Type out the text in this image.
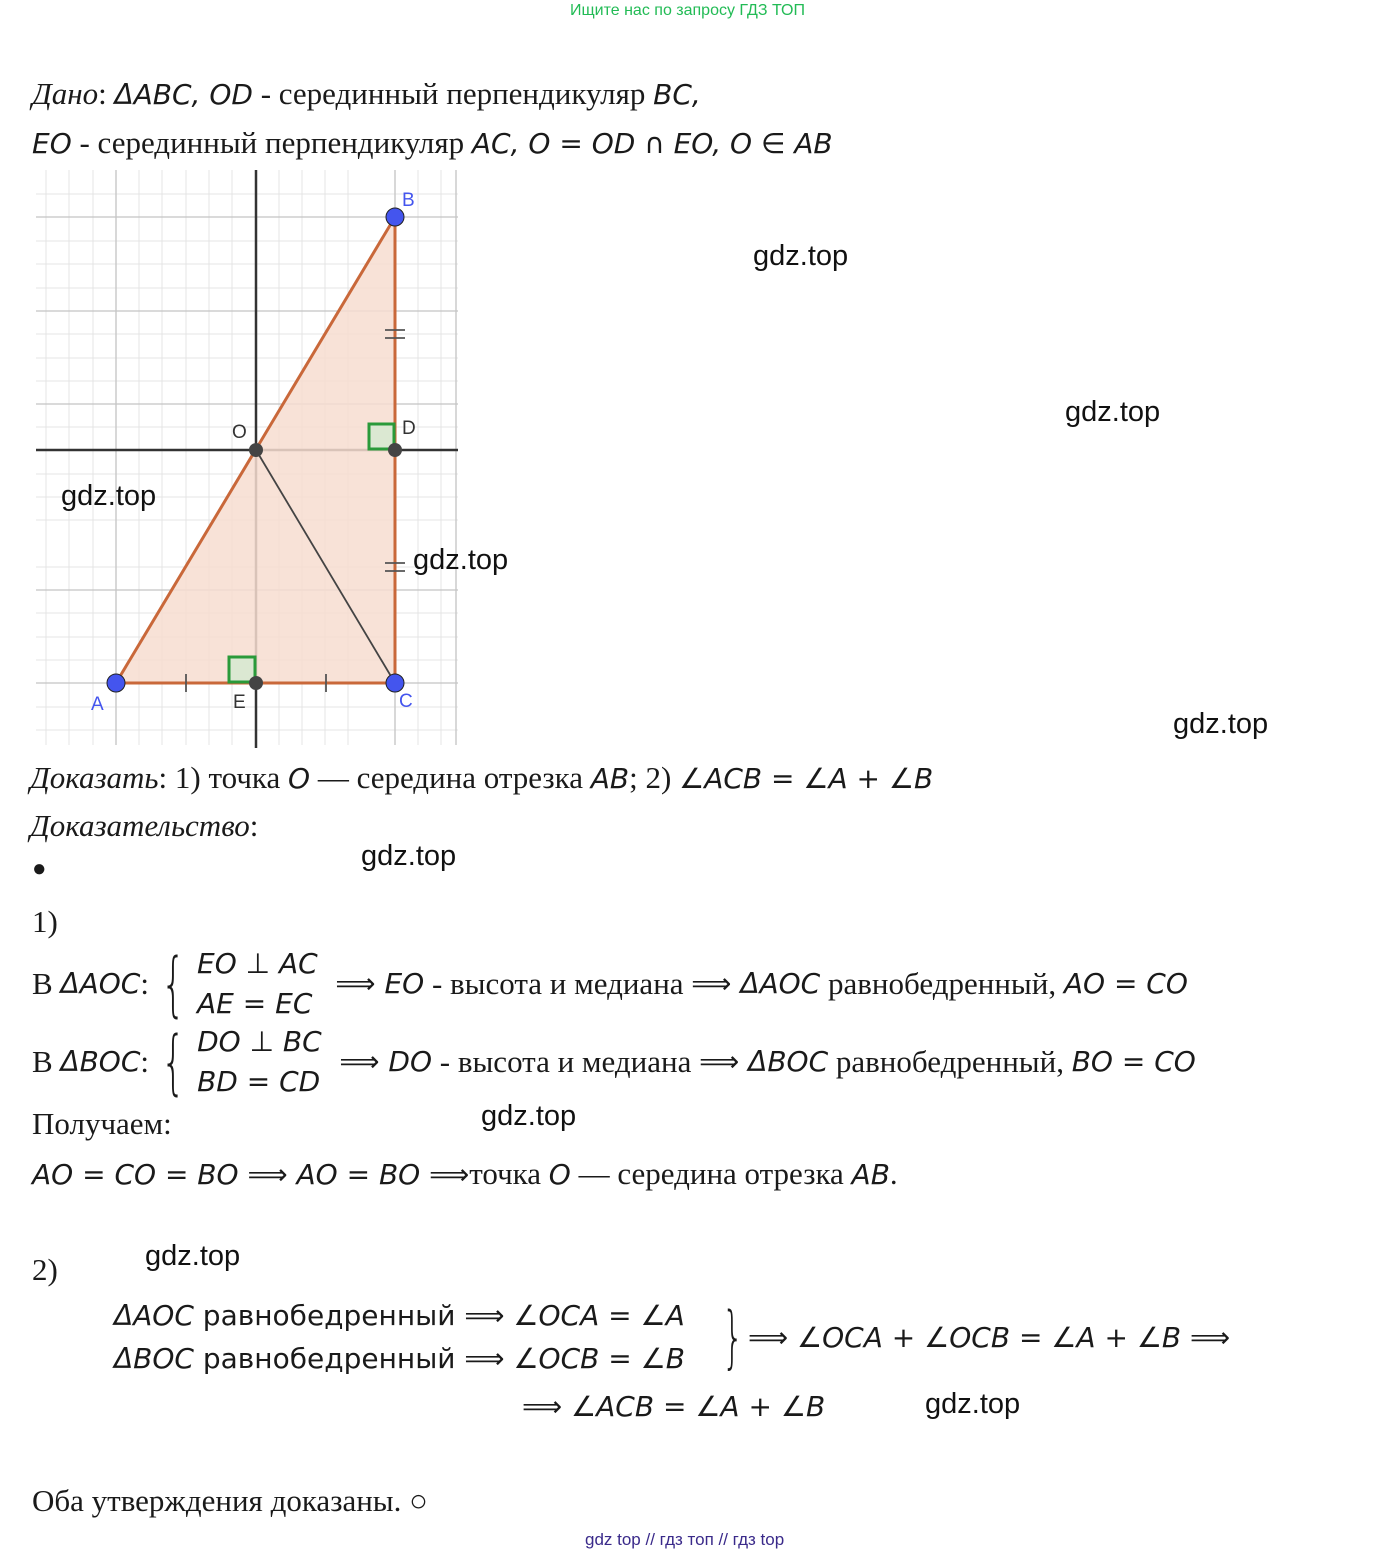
Ищите нас по запросу ГДЗ ТОП
Дано: ΔABC, OD - серединный перпендикуляр BC,
EO - серединный перпендикуляр AC, O = OD ∩ EO, O ∈ AB
A
B
C
D
O
E
gdz.top
gdz.top
gdz.top
gdz.top
gdz.top
gdz.top
gdz.top
gdz.top
gdz.top
Доказать: 1) точка O — середина отрезка AB; 2) ∠ACB = ∠A + ∠B
Доказательство:
●
1)
В ΔAOC: { EO ⊥ AC
AE = EC
⟹ EO - высота и медиана ⟹ ΔAOC равнобедренный, AO = CO
В ΔBOC: { DO ⊥ BC
BD = CD
⟹ DO - высота и медиана ⟹ ΔBOC равнобедренный, BO = CO
Получаем:
AO = CO = BO ⟹ AO = BO ⟹точка O — середина отрезка AB.
2)
ΔAOC равнобедренный ⟹ ∠OCA = ∠A
ΔBOC равнобедренный ⟹ ∠OCB = ∠B } ⟹ ∠OCA + ∠OCB = ∠A + ∠B ⟹
⟹ ∠ACB = ∠A + ∠B
Оба утверждения доказаны. ○
gdz top // гдз топ // гдз top
